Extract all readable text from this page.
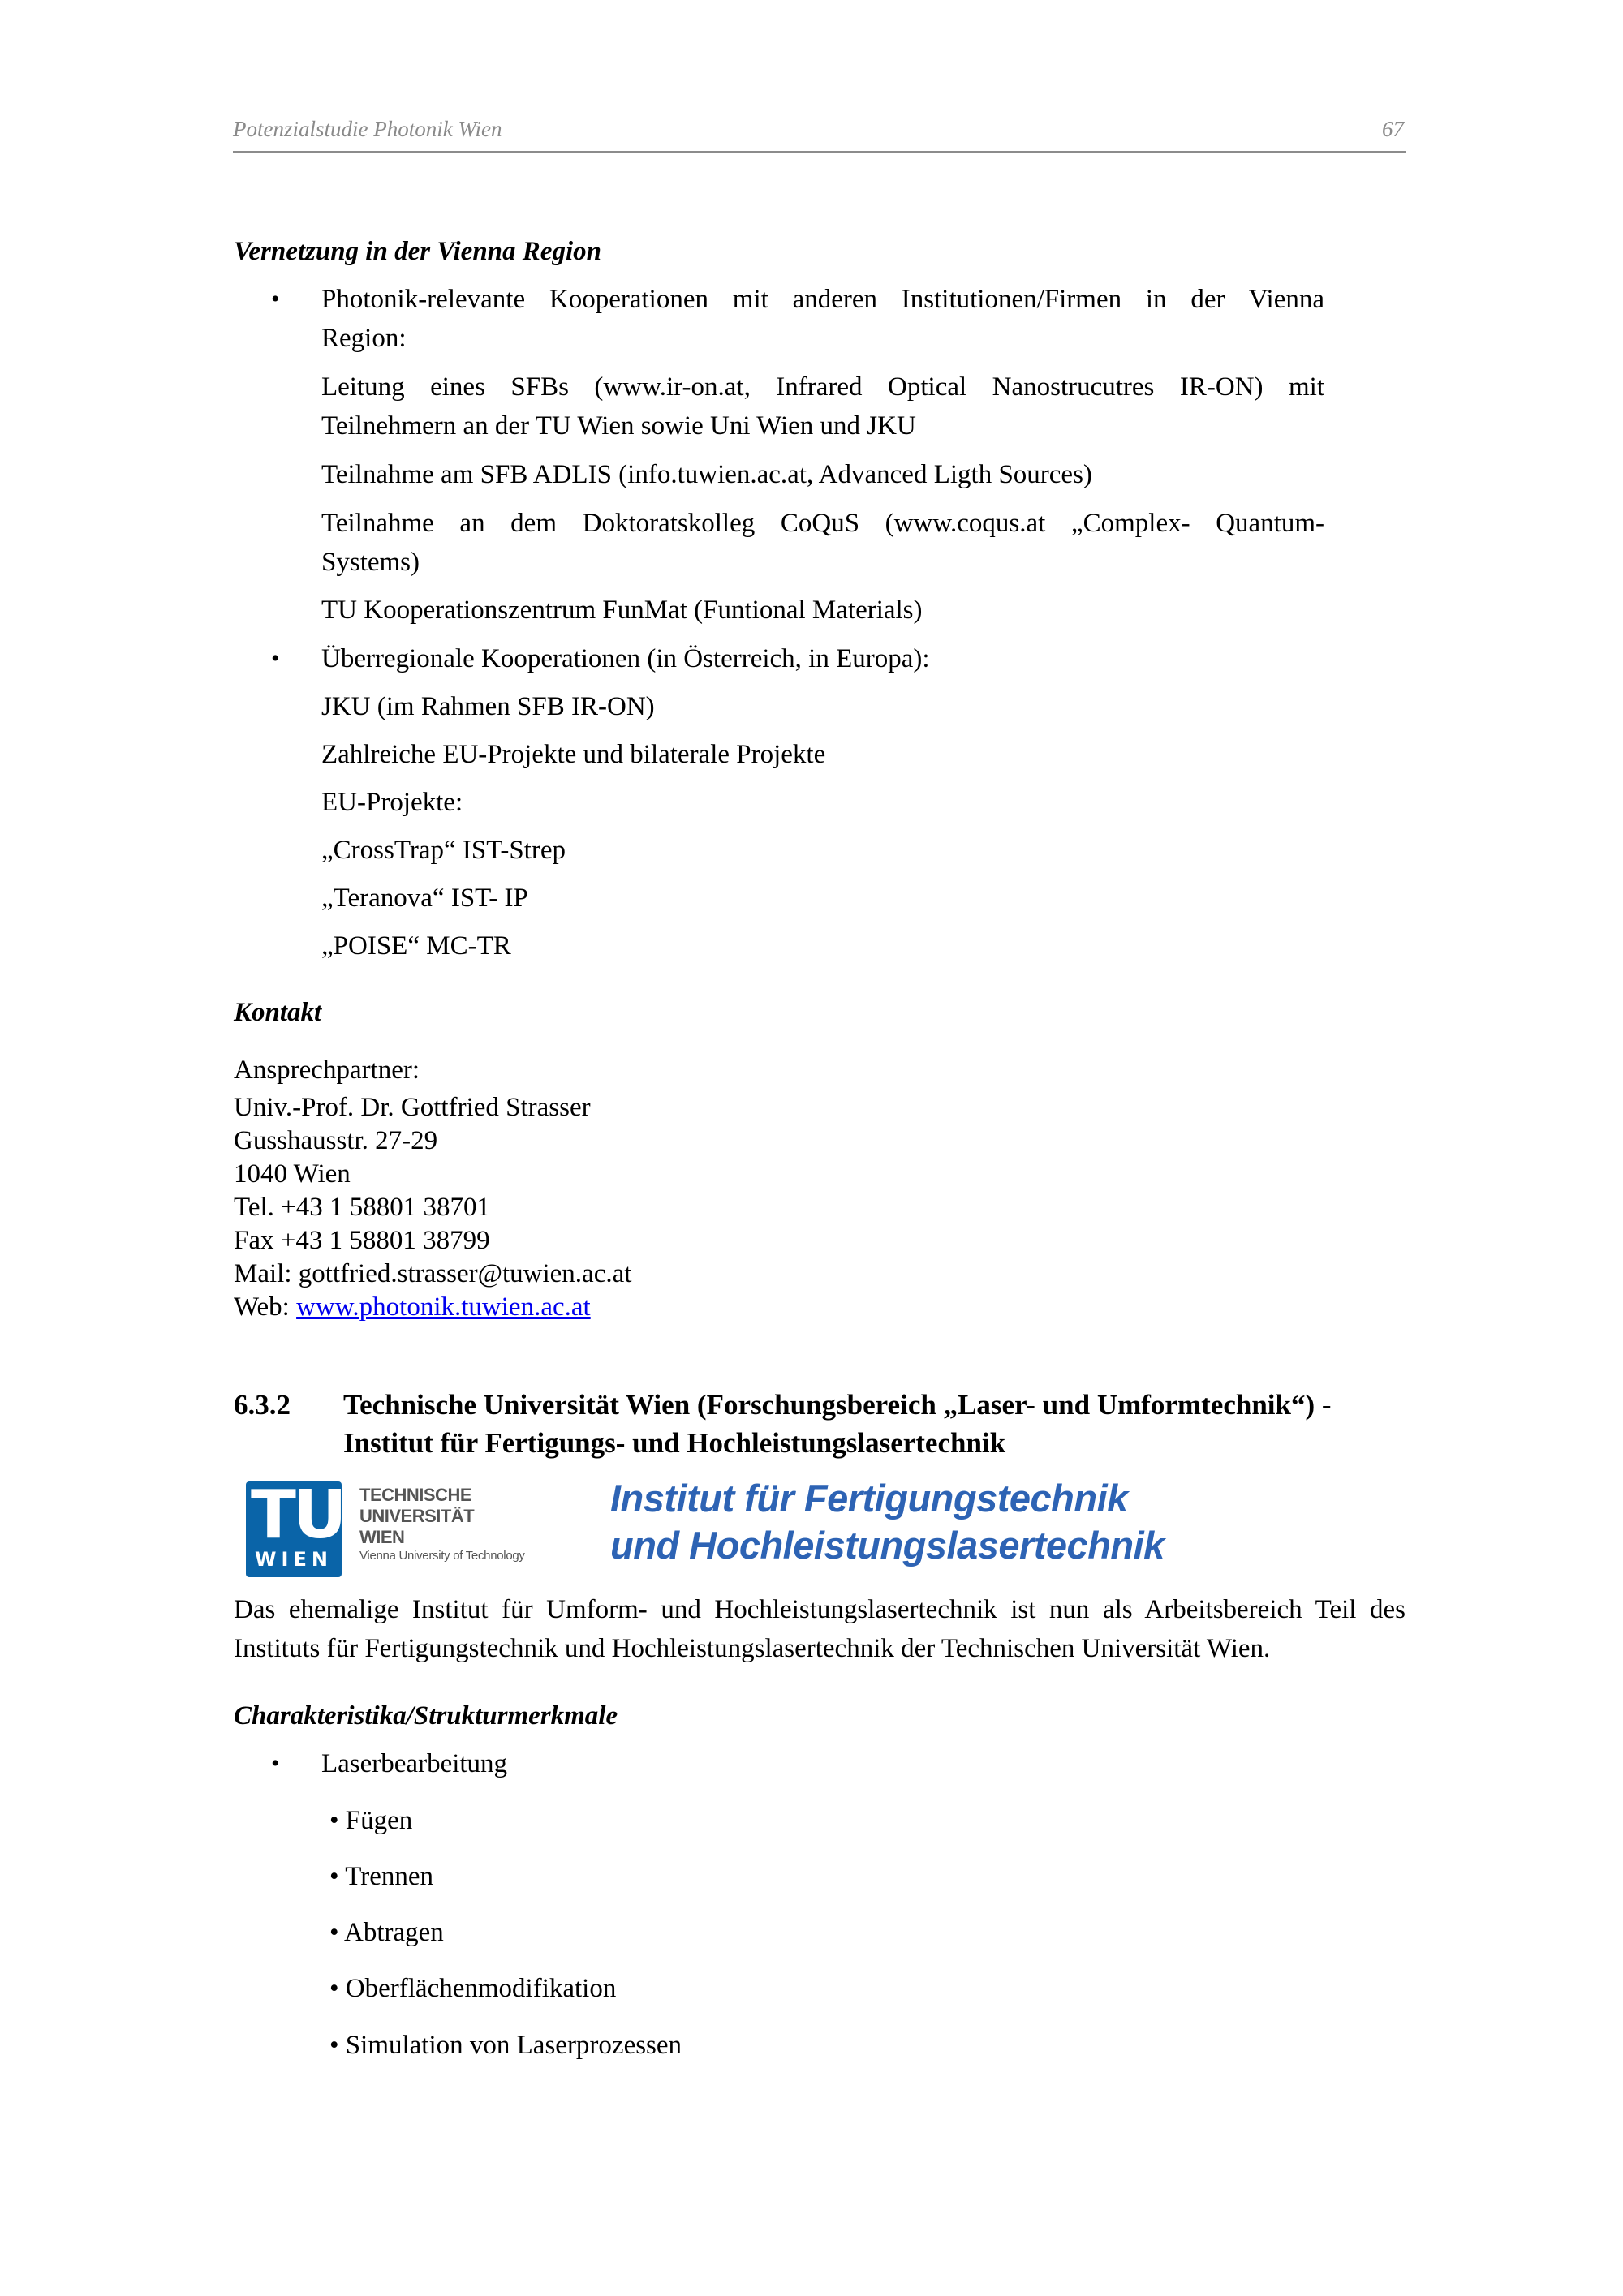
Potenzialstudie Photonik Wien	67
Vernetzung in der Vienna Region
• Photonik-relevante Kooperationen mit anderen Institutionen/Firmen in der Vienna
Region:
Leitung eines SFBs (www.ir-on.at, Infrared Optical Nanostrucutres IR-ON) mit
Teilnehmern an der TU Wien sowie Uni Wien und JKU
Teilnahme am SFB ADLIS (info.tuwien.ac.at, Advanced Ligth Sources)
Teilnahme an dem Doktoratskolleg CoQuS (www.coqus.at „Complex- Quantum-
Systems)
TU Kooperationszentrum FunMat (Funtional Materials)
• Überregionale Kooperationen (in Österreich, in Europa):
JKU (im Rahmen SFB IR-ON)
Zahlreiche EU-Projekte und bilaterale Projekte
EU-Projekte:
„CrossTrap“ IST-Strep
„Teranova“ IST- IP
„POISE“ MC-TR
Kontakt
Ansprechpartner:
Univ.-Prof. Dr. Gottfried Strasser
Gusshausstr. 27-29
1040 Wien
Tel. +43 1 58801 38701
Fax +43 1 58801 38799
Mail: gottfried.strasser@tuwien.ac.at
Web: www.photonik.tuwien.ac.at
6.3.2 Technische Universität Wien (Forschungsbereich „Laser- und Umformtechnik“) -
Institut für Fertigungs- und Hochleistungslasertechnik
TU
WIEN
TECHNISCHE
UNIVERSITÄT
WIEN
Vienna University of Technology
Institut für Fertigungstechnik
und Hochleistungslasertechnik
Das ehemalige Institut für Umform- und Hochleistungslasertechnik ist nun als Arbeitsbereich Teil des
Instituts für Fertigungstechnik und Hochleistungslasertechnik der Technischen Universität Wien.
Charakteristika/Strukturmerkmale
• Laserbearbeitung
• Fügen
• Trennen
• Abtragen
• Oberflächenmodifikation
• Simulation von Laserprozessen
